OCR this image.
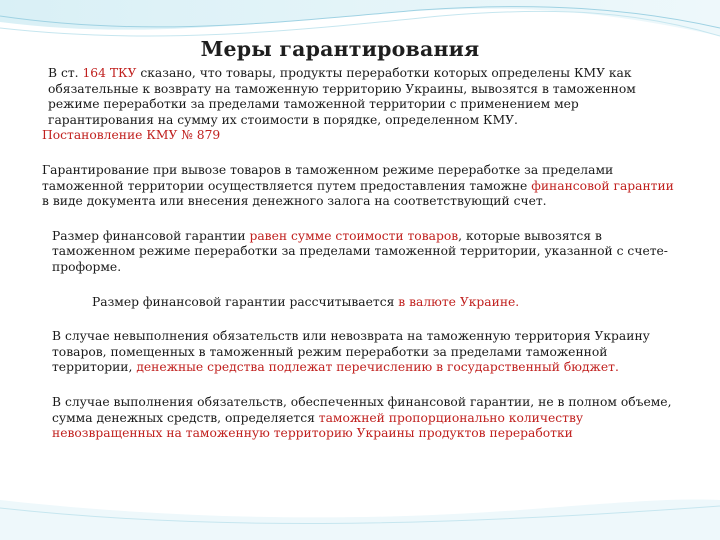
Меры гарантирования

В ст. 164 ТКУ сказано, что товары, продукты переработки которых определены КМУ как обязательные к возврату на таможенную территорию Украины, вывозятся в таможенном режиме переработки за пределами таможенной территории с применением мер гарантирования на сумму их стоимости в порядке, определенном КМУ.

Постановление КМУ № 879

Гарантирование при вывозе товаров в таможенном режиме переработке за пределами таможенной территории осуществляется путем предоставления таможне финансовой гарантии в виде документа или внесения денежного залога на соответствующий счет.

Размер финансовой гарантии равен сумме стоимости товаров, которые вывозятся в таможенном режиме переработки за пределами таможенной территории, указанной с счете-проформе.

Размер финансовой гарантии рассчитывается в валюте Украине.

В случае невыполнения обязательств или невозврата на таможенную территория Украину товаров, помещенных в таможенный режим переработки за пределами таможенной территории, денежные средства подлежат перечислению в государственный бюджет.

В случае выполнения обязательств, обеспеченных финансовой гарантии, не в полном объеме, сумма денежных средств, определяется таможней пропорционально количеству невозвращенных на таможенную территорию Украины продуктов переработки
